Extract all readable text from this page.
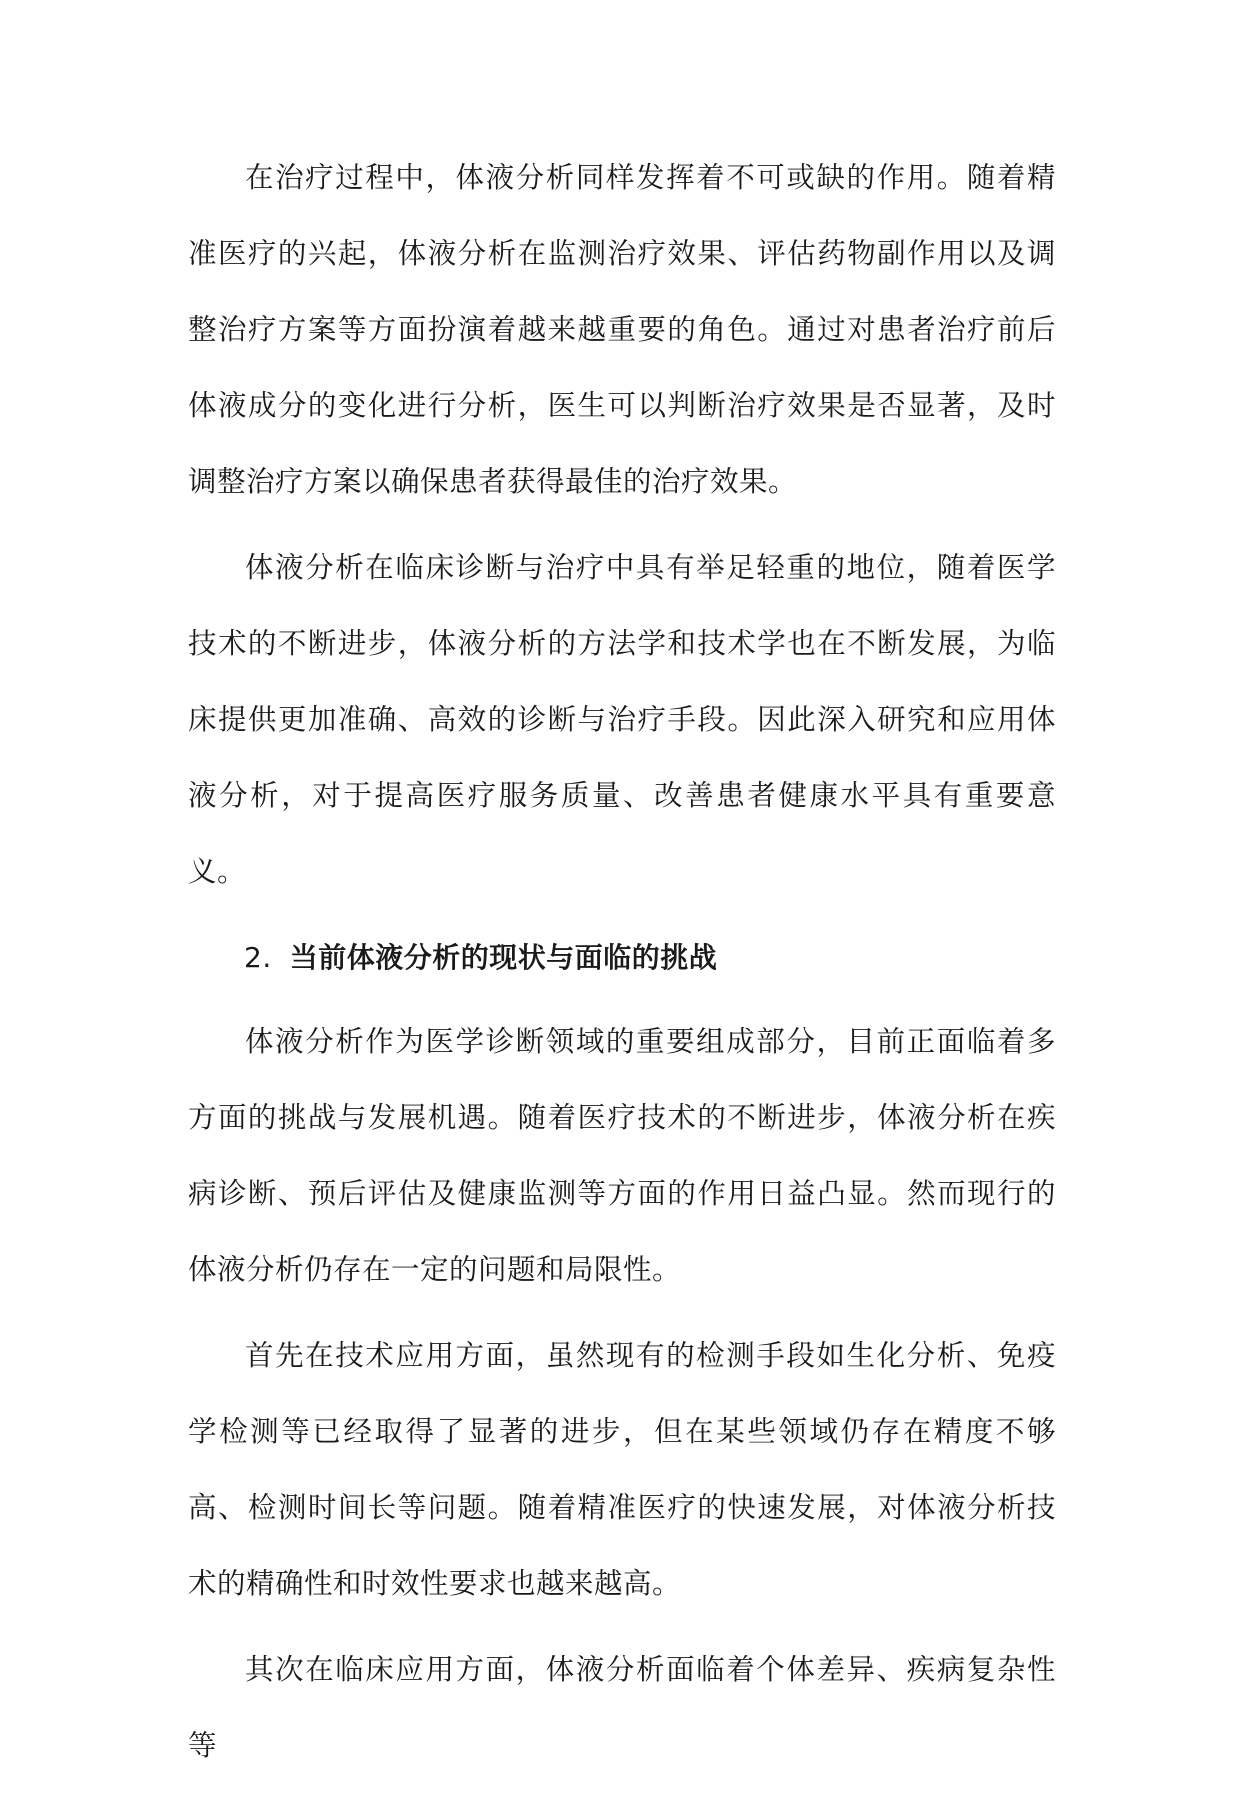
在治疗过程中，体液分析同样发挥着不可或缺的作用。随着精准医疗的兴起，体液分析在监测治疗效果、评估药物副作用以及调整治疗方案等方面扮演着越来越重要的角色。通过对患者治疗前后体液成分的变化进行分析，医生可以判断治疗效果是否显著，及时调整治疗方案以确保患者获得最佳的治疗效果。

体液分析在临床诊断与治疗中具有举足轻重的地位，随着医学技术的不断进步，体液分析的方法学和技术学也在不断发展，为临床提供更加准确、高效的诊断与治疗手段。因此深入研究和应用体液分析，对于提高医疗服务质量、改善患者健康水平具有重要意义。

2. 当前体液分析的现状与面临的挑战

体液分析作为医学诊断领域的重要组成部分，目前正面临着多方面的挑战与发展机遇。随着医疗技术的不断进步，体液分析在疾病诊断、预后评估及健康监测等方面的作用日益凸显。然而现行的体液分析仍存在一定的问题和局限性。

首先在技术应用方面，虽然现有的检测手段如生化分析、免疫学检测等已经取得了显著的进步，但在某些领域仍存在精度不够高、检测时间长等问题。随着精准医疗的快速发展，对体液分析技术的精确性和时效性要求也越来越高。

其次在临床应用方面，体液分析面临着个体差异、疾病复杂性等
